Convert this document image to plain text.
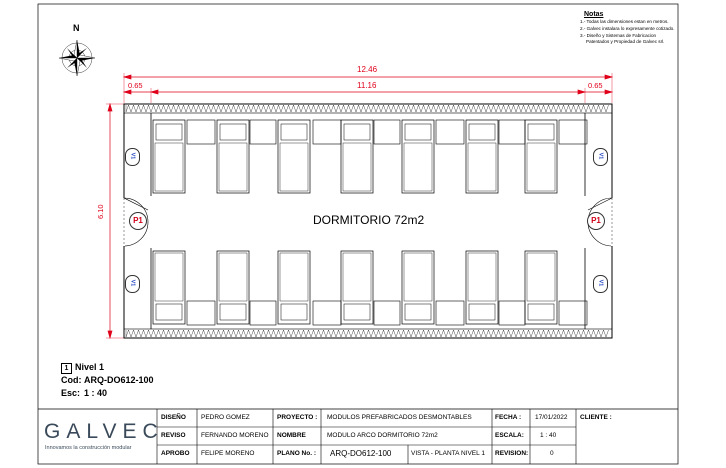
Notas
1.- Todas las dimensiones estan en metros.
2.- Galvec instalara lo expresamente cotizado.
3.- Diseño y Sistemas de Fabricacion
Patentados y Propiedad de Galvec srl.
N
12.46
11.16
0.65	0.65
6.10
DORMITORIO 72m2
V1	V1
V1	V1
P1	P1
1 Nivel 1
Cod: ARQ-DO612-100
Esc: 1 : 40
GALVEC
Innovamos la construcción modular
DISEÑO PEDRO GOMEZ
REVISO FERNANDO MORENO
APROBO FELIPE MORENO
PROYECTO : MODULOS PREFABRICADOS DESMONTABLES
NOMBRE	MODULO ARCO DORMITORIO 72m2
PLANO No. : ARQ-DO612-100	VISTA - PLANTA NIVEL 1
FECHA : 17/01/2022
ESCALA: 1 : 40
REVISION:	0
CLIENTE :
